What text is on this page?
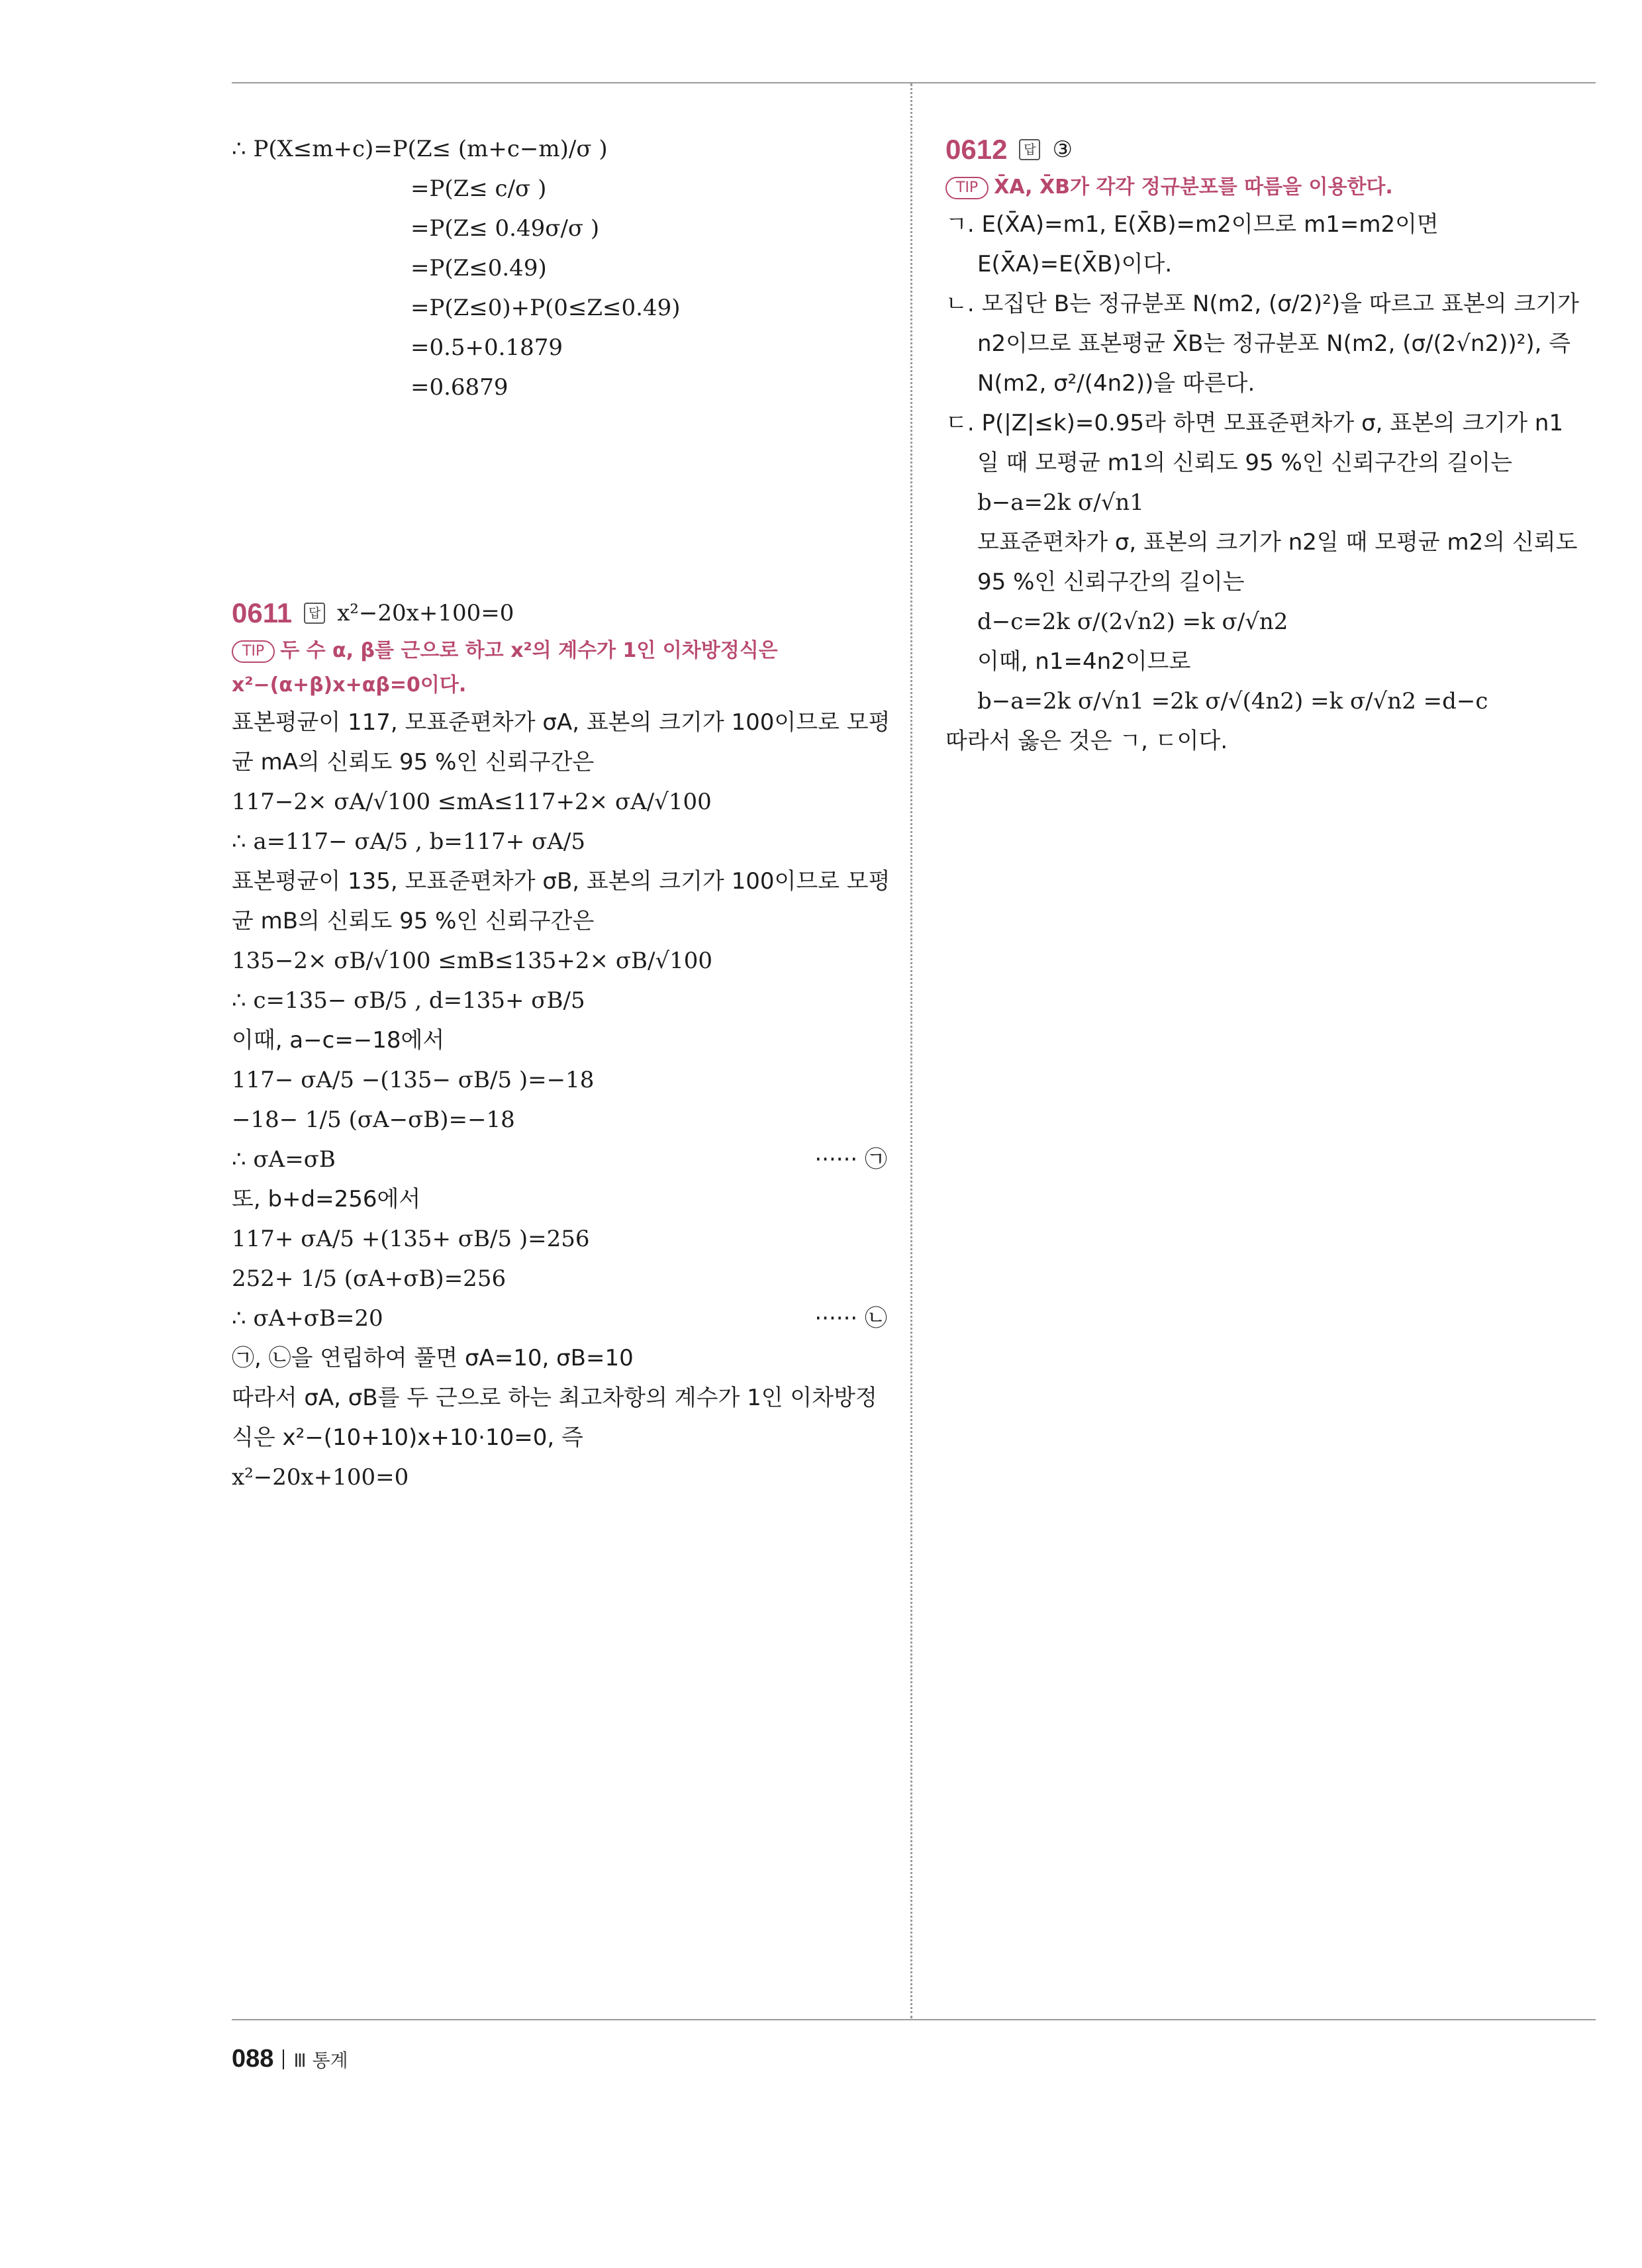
∴ P(X≤m+c)=P(Z≤ (m+c−m)/σ )
=P(Z≤ c/σ )
=P(Z≤ 0.49σ/σ )
=P(Z≤0.49)
=P(Z≤0)+P(0≤Z≤0.49)
=0.5+0.1879
=0.6879
0611	답 x²−20x+100=0
TIP 두 수 α, β를 근으로 하고 x²의 계수가 1인 이차방정식은
x²−(α+β)x+αβ=0이다.
표본평균이 117, 모표준편차가 σA, 표본의 크기가 100이므로 모평
균 mA의 신뢰도 95 %인 신뢰구간은
117−2× σA/√100 ≤mA≤117+2× σA/√100
∴ a=117− σA/5 , b=117+ σA/5
표본평균이 135, 모표준편차가 σB, 표본의 크기가 100이므로 모평
균 mB의 신뢰도 95 %인 신뢰구간은
135−2× σB/√100 ≤mB≤135+2× σB/√100
∴ c=135− σB/5 , d=135+ σB/5
이때, a−c=−18에서
117− σA/5 −(135− σB/5 )=−18
−18− 1/5 (σA−σB)=−18
∴ σA=σB	······ ㉠
또, b+d=256에서
117+ σA/5 +(135+ σB/5 )=256
252+ 1/5 (σA+σB)=256
∴ σA+σB=20	······ ㉡
㉠, ㉡을 연립하여 풀면 σA=10, σB=10
따라서 σA, σB를 두 근으로 하는 최고차항의 계수가 1인 이차방정
식은 x²−(10+10)x+10·10=0, 즉
x²−20x+100=0
0612	답 ③
TIP X̄A, X̄B가 각각 정규분포를 따름을 이용한다.
ㄱ. E(X̄A)=m1, E(X̄B)=m2이므로 m1=m2이면
E(X̄A)=E(X̄B)이다.
ㄴ. 모집단 B는 정규분포 N(m2, (σ/2)²)을 따르고 표본의 크기가
n2이므로 표본평균 X̄B는 정규분포 N(m2, (σ/(2√n2))²), 즉
N(m2, σ²/(4n2))을 따른다.
ㄷ. P(|Z|≤k)=0.95라 하면 모표준편차가 σ, 표본의 크기가 n1
일 때 모평균 m1의 신뢰도 95 %인 신뢰구간의 길이는
b−a=2k σ/√n1
모표준편차가 σ, 표본의 크기가 n2일 때 모평균 m2의 신뢰도
95 %인 신뢰구간의 길이는
d−c=2k σ/(2√n2) =k σ/√n2
이때, n1=4n2이므로
b−a=2k σ/√n1 =2k σ/√(4n2) =k σ/√n2 =d−c
따라서 옳은 것은 ㄱ, ㄷ이다.
088 Ⅲ 통계
